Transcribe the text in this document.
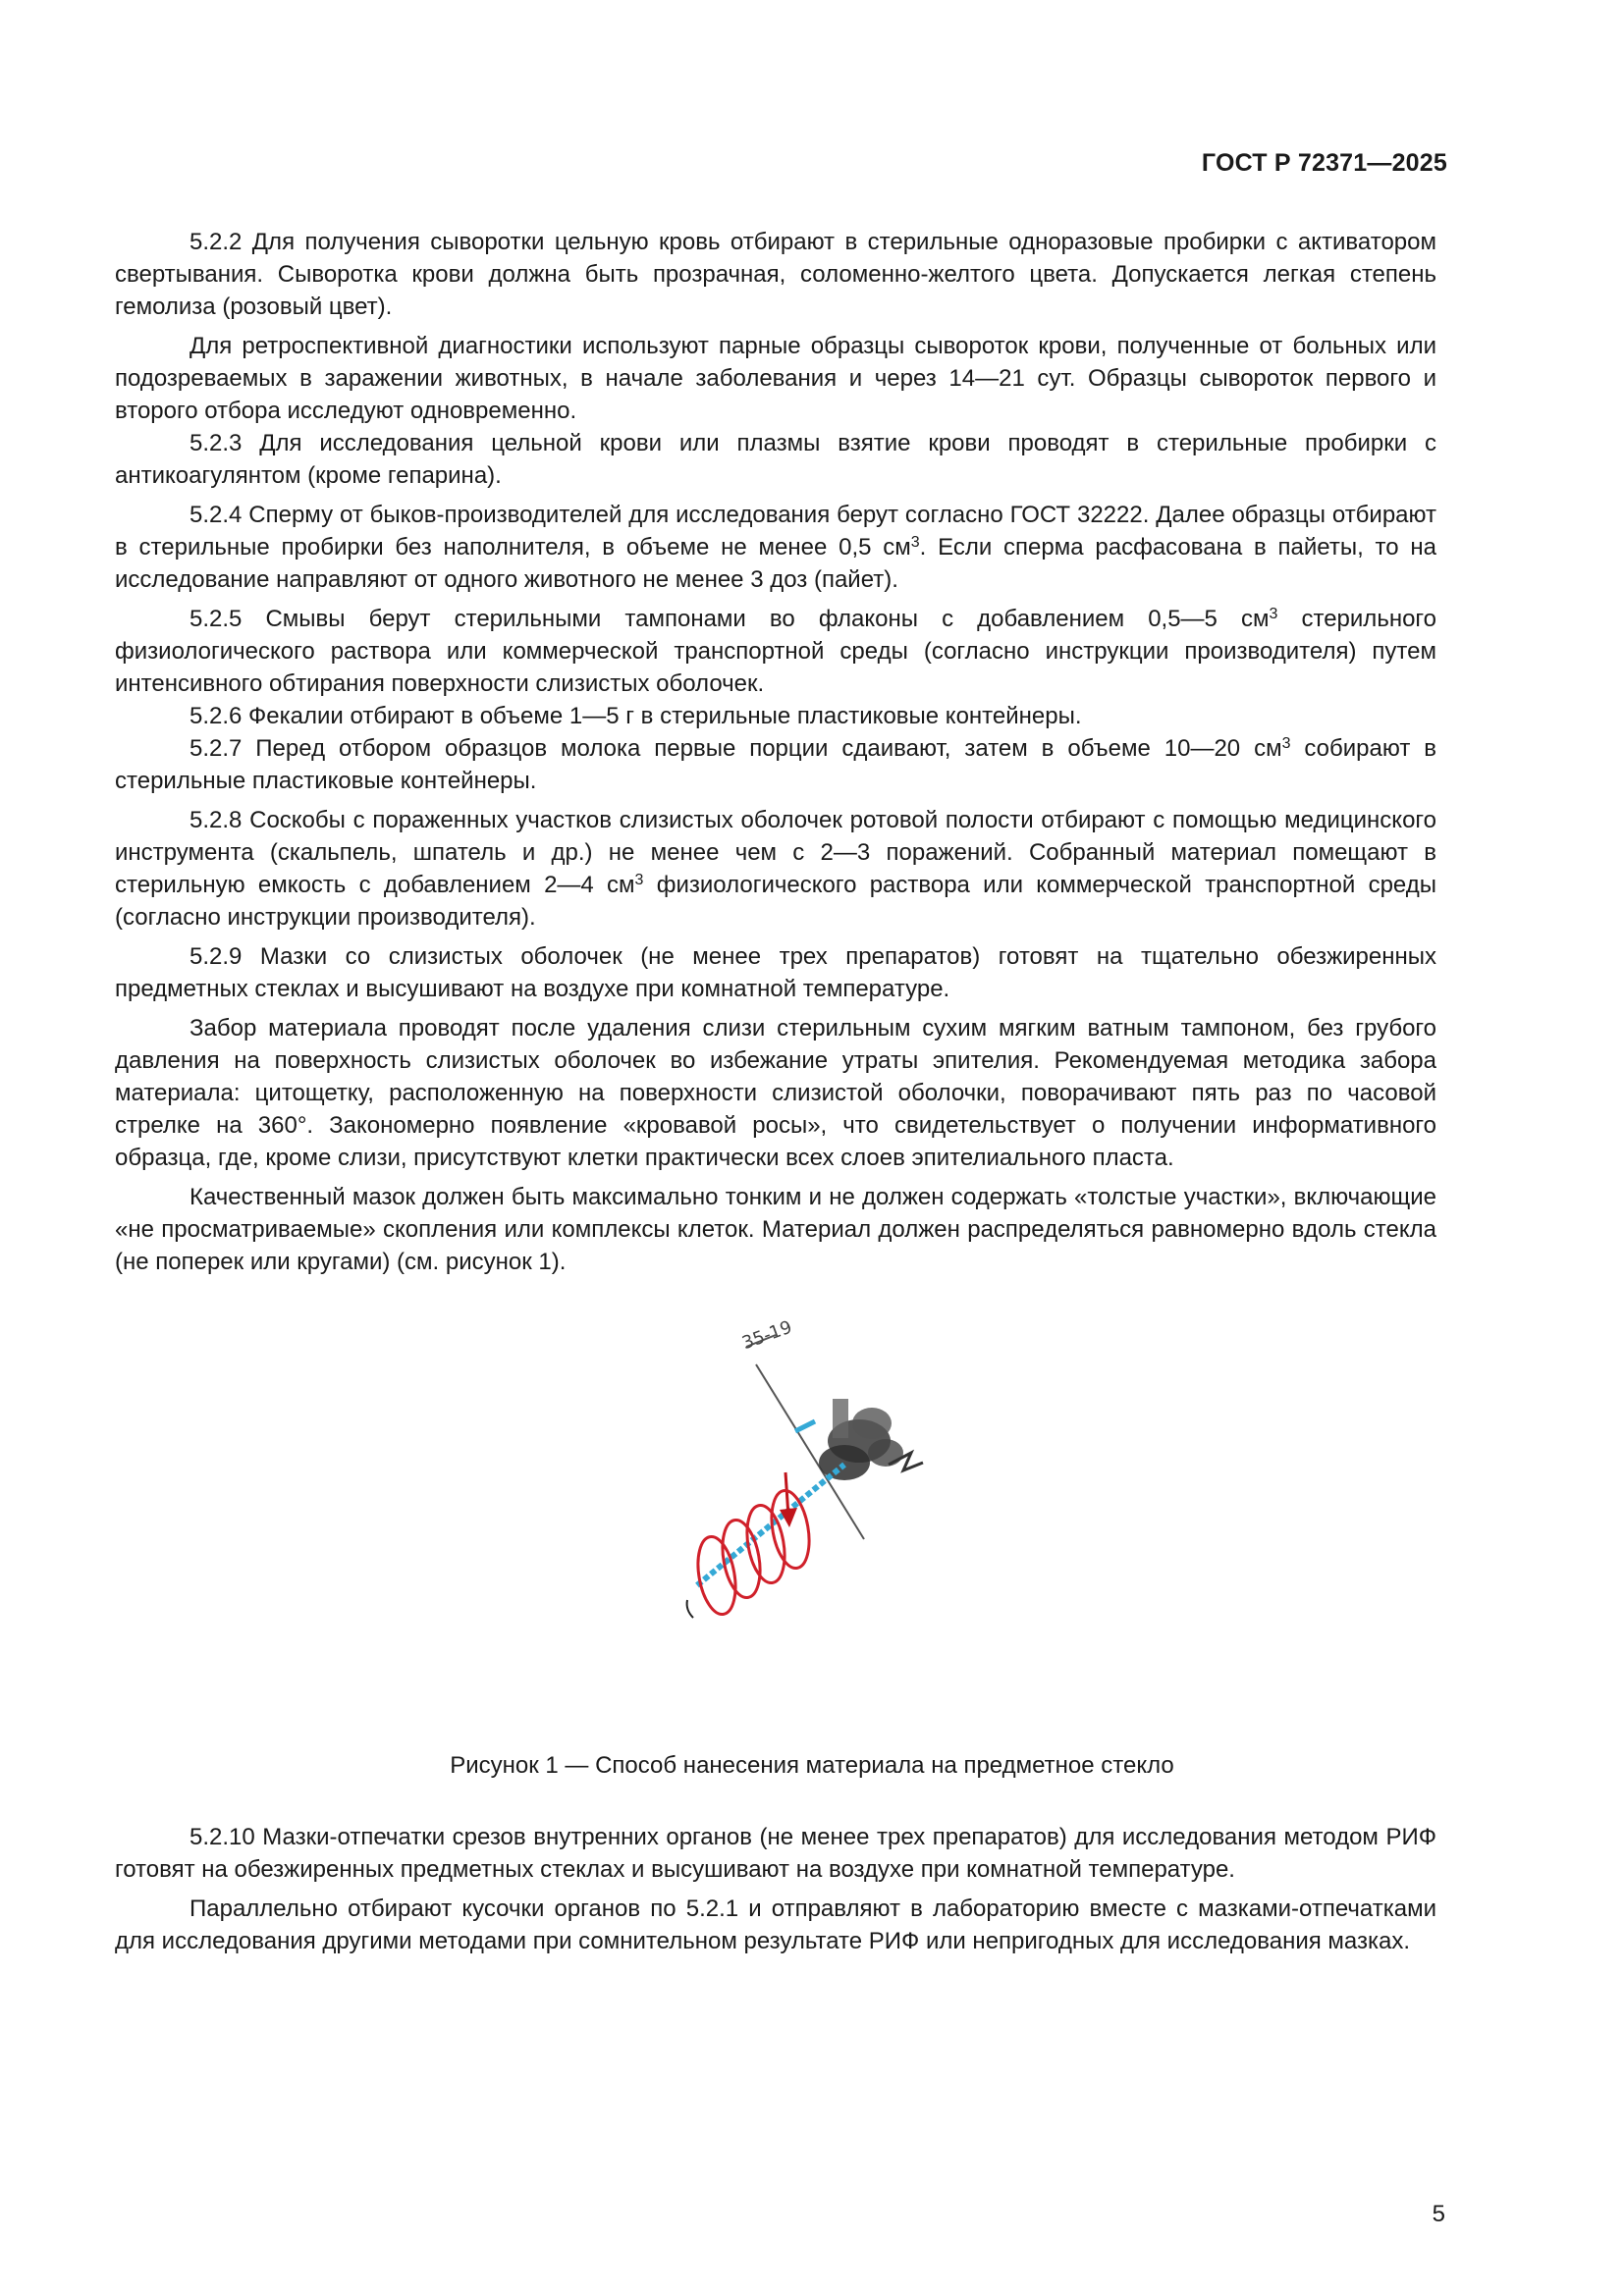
ГОСТ Р 72371—2025

5.2.2 Для получения сыворотки цельную кровь отбирают в стерильные одноразовые пробирки с активатором свертывания. Сыворотка крови должна быть прозрачная, соломенно-желтого цвета. Допускается легкая степень гемолиза (розовый цвет).

Для ретроспективной диагностики используют парные образцы сывороток крови, полученные от больных или подозреваемых в заражении животных, в начале заболевания и через 14—21 сут. Образцы сывороток первого и второго отбора исследуют одновременно.

5.2.3 Для исследования цельной крови или плазмы взятие крови проводят в стерильные пробирки с антикоагулянтом (кроме гепарина).

5.2.4 Сперму от быков-производителей для исследования берут согласно ГОСТ 32222. Далее образцы отбирают в стерильные пробирки без наполнителя, в объеме не менее 0,5 $см^3$. Если сперма расфасована в пайеты, то на исследование направляют от одного животного не менее 3 доз (пайет).

5.2.5 Смывы берут стерильными тампонами во флаконы с добавлением 0,5—5 $см^3$ стерильного физиологического раствора или коммерческой транспортной среды (согласно инструкции производителя) путем интенсивного обтирания поверхности слизистых оболочек.

5.2.6 Фекалии отбирают в объеме 1—5 г в стерильные пластиковые контейнеры.

5.2.7 Перед отбором образцов молока первые порции сдаивают, затем в объеме 10—20 $см^3$ собирают в стерильные пластиковые контейнеры.

5.2.8 Соскобы с пораженных участков слизистых оболочек ротовой полости отбирают с помощью медицинского инструмента (скальпель, шпатель и др.) не менее чем с 2—3 поражений. Собранный материал помещают в стерильную емкость с добавлением 2—4 $см^3$ физиологического раствора или коммерческой транспортной среды (согласно инструкции производителя).

5.2.9 Мазки со слизистых оболочек (не менее трех препаратов) готовят на тщательно обезжиренных предметных стеклах и высушивают на воздухе при комнатной температуре.

Забор материала проводят после удаления слизи стерильным сухим мягким ватным тампоном, без грубого давления на поверхность слизистых оболочек во избежание утраты эпителия. Рекомендуемая методика забора материала: цитощетку, расположенную на поверхности слизистой оболочки, поворачивают пять раз по часовой стрелке на 360°. Закономерно появление «кровавой росы», что свидетельствует о получении информативного образца, где, кроме слизи, присутствуют клетки практически всех слоев эпителиального пласта.

Качественный мазок должен быть максимально тонким и не должен содержать «толстые участки», включающие «не просматриваемые» скопления или комплексы клеток. Материал должен распределяться равномерно вдоль стекла (не поперек или кругами) (см. рисунок 1).

35-19
Рисунок 1 — Способ нанесения материала на предметное стекло

5.2.10 Мазки-отпечатки срезов внутренних органов (не менее трех препаратов) для исследования методом РИФ готовят на обезжиренных предметных стеклах и высушивают на воздухе при комнатной температуре.

Параллельно отбирают кусочки органов по 5.2.1 и отправляют в лабораторию вместе с мазками-отпечатками для исследования другими методами при сомнительном результате РИФ или непригодных для исследования мазках.

5
